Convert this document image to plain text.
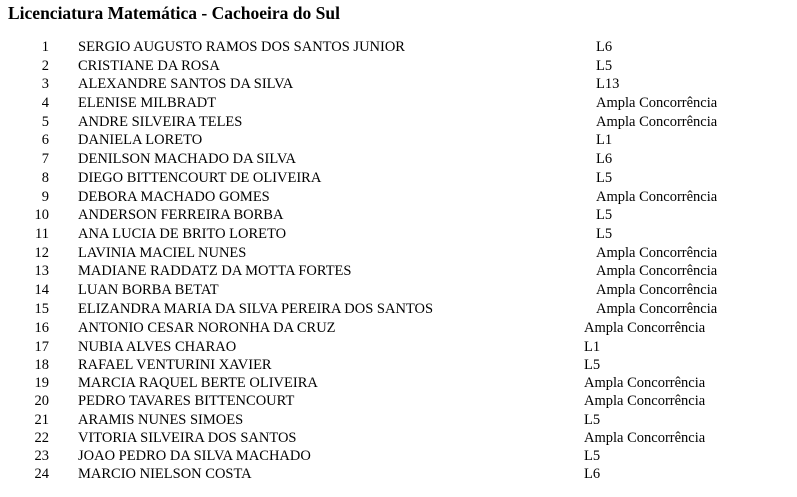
Licenciatura Matemática - Cachoeira do Sul
1 SERGIO AUGUSTO RAMOS DOS SANTOS JUNIOR	L6
2 CRISTIANE DA ROSA	L5
3 ALEXANDRE SANTOS DA SILVA	L13
4 ELENISE MILBRADT	Ampla Concorrência
5 ANDRE SILVEIRA TELES	Ampla Concorrência
6 DANIELA LORETO	L1
7 DENILSON MACHADO DA SILVA	L6
8 DIEGO BITTENCOURT DE OLIVEIRA	L5
9 DEBORA MACHADO GOMES	Ampla Concorrência
10 ANDERSON FERREIRA BORBA	L5
11 ANA LUCIA DE BRITO LORETO	L5
12 LAVINIA MACIEL NUNES	Ampla Concorrência
13 MADIANE RADDATZ DA MOTTA FORTES	Ampla Concorrência
14 LUAN BORBA BETAT	Ampla Concorrência
15 ELIZANDRA MARIA DA SILVA PEREIRA DOS SANTOS	Ampla Concorrência
16 ANTONIO CESAR NORONHA DA CRUZ	Ampla Concorrência
17 NUBIA ALVES CHARAO	L1
18 RAFAEL VENTURINI XAVIER	L5
19 MARCIA RAQUEL BERTE OLIVEIRA	Ampla Concorrência
20 PEDRO TAVARES BITTENCOURT	Ampla Concorrência
21 ARAMIS NUNES SIMOES	L5
22 VITORIA SILVEIRA DOS SANTOS	Ampla Concorrência
23 JOAO PEDRO DA SILVA MACHADO	L5
24 MARCIO NIELSON COSTA	L6
